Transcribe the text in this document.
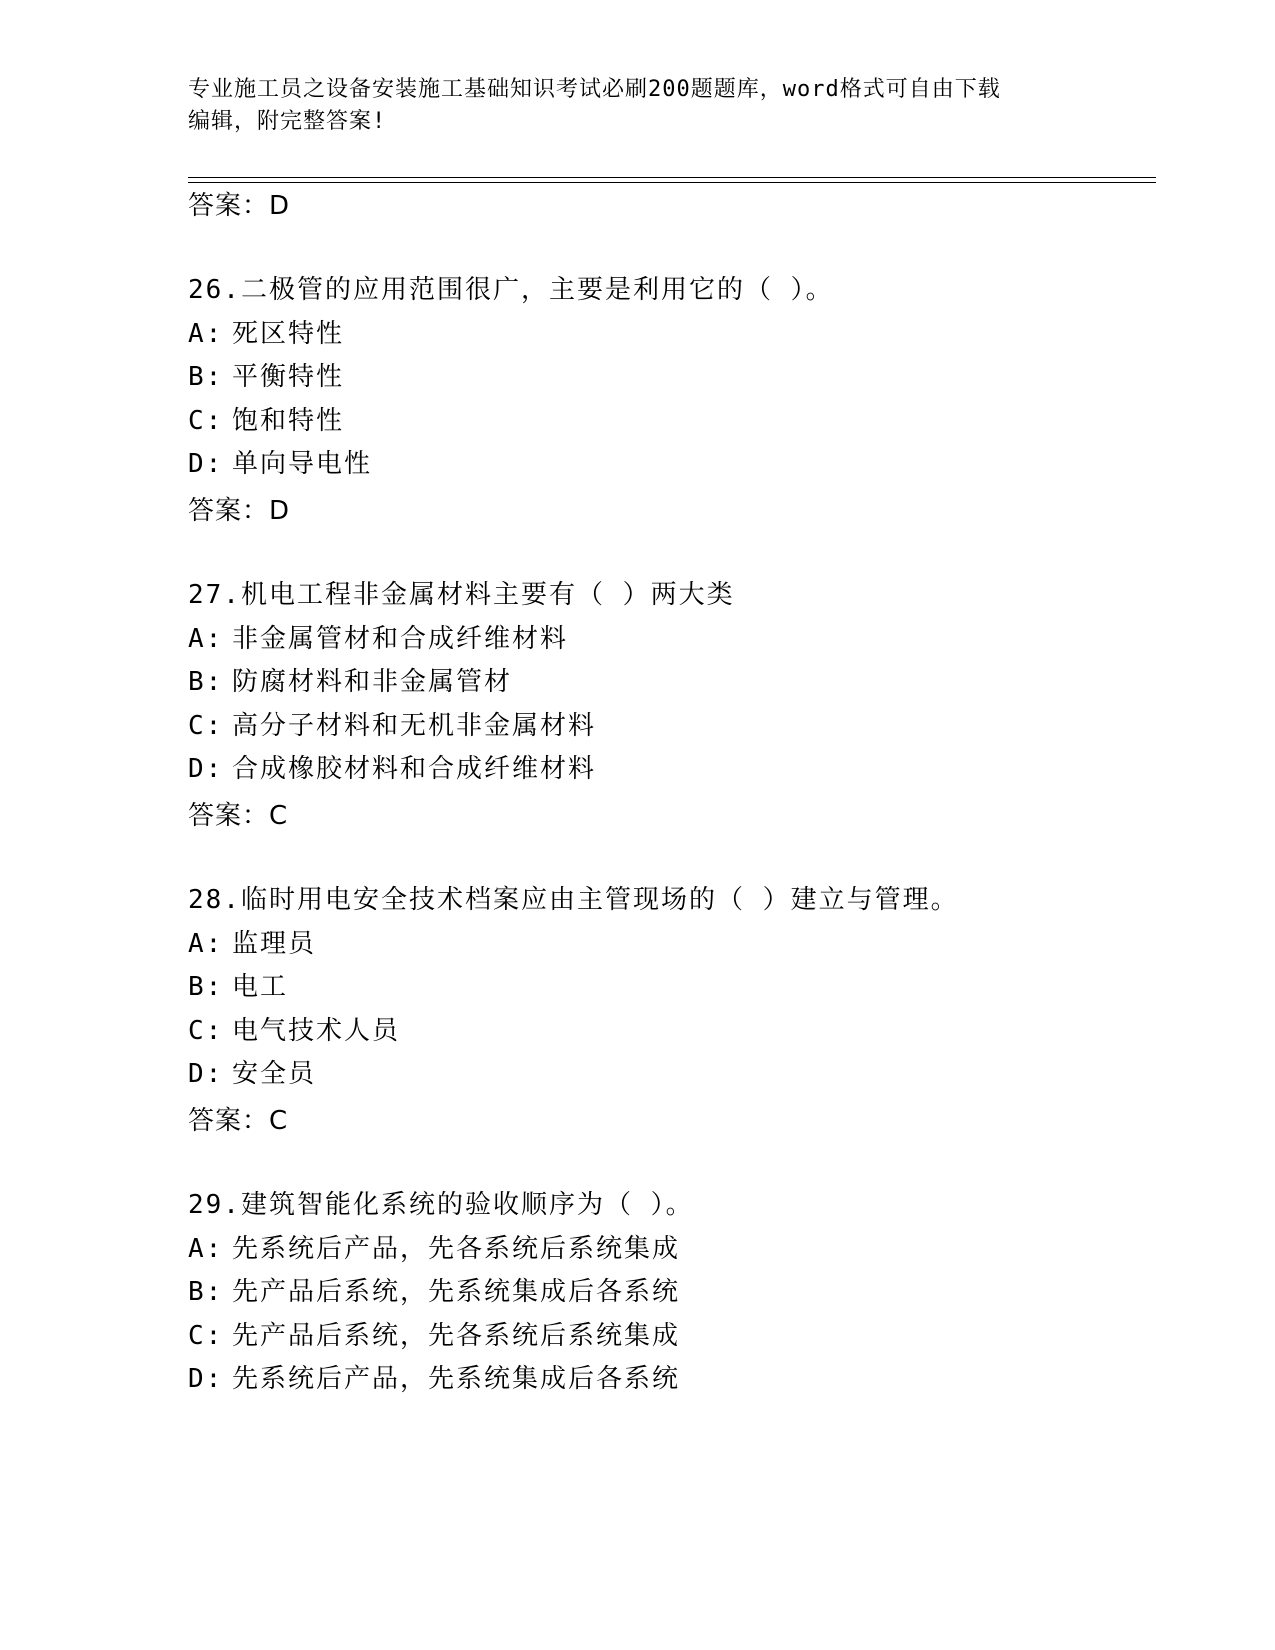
专业施工员之设备安装施工基础知识考试必刷200题题库，word格式可自由下载
编辑，附完整答案!
答案：D
26.二极管的应用范围很广，主要是利用它的（ ）。
A: 死区特性
B: 平衡特性
C: 饱和特性
D: 单向导电性
答案：D
27.机电工程非金属材料主要有（ ）两大类
A: 非金属管材和合成纤维材料
B: 防腐材料和非金属管材
C: 高分子材料和无机非金属材料
D: 合成橡胶材料和合成纤维材料
答案：C
28.临时用电安全技术档案应由主管现场的（ ）建立与管理。
A: 监理员
B: 电工
C: 电气技术人员
D: 安全员
答案：C
29.建筑智能化系统的验收顺序为（ ）。
A: 先系统后产品，先各系统后系统集成
B: 先产品后系统，先系统集成后各系统
C: 先产品后系统，先各系统后系统集成
D: 先系统后产品，先系统集成后各系统
